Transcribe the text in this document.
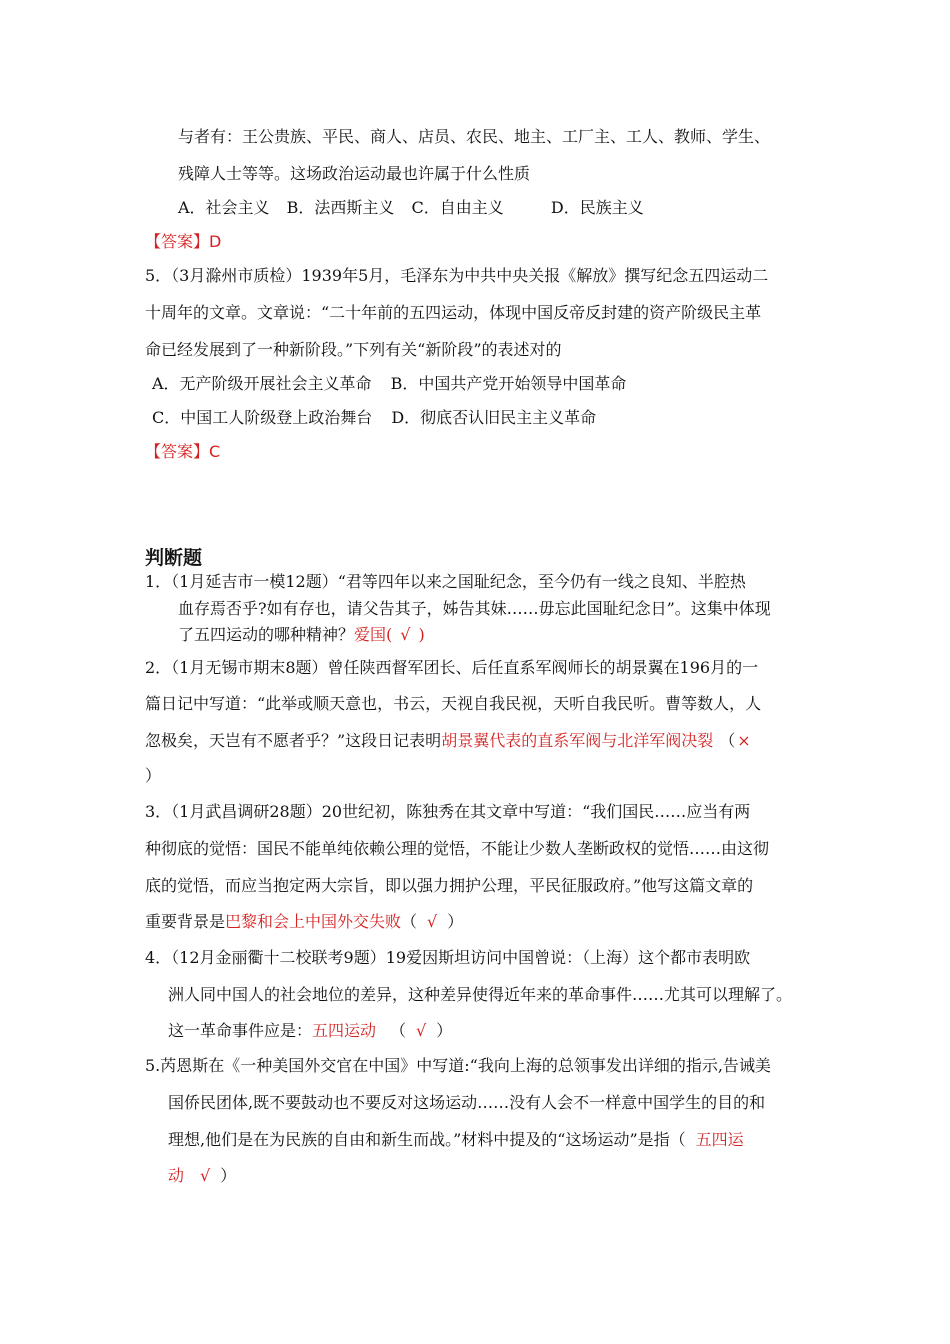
与者有：王公贵族、平民、商人、店员、农民、地主、工厂主、工人、教师、学生、
残障人士等等。这场政治运动最也许属于什么性质
A．社会主义 B．法西斯主义 C．自由主义	D．民族主义
【答案】D
5．（3月滁州市质检）1939年5月，毛泽东为中共中央关报《解放》撰写纪念五四运动二
十周年的文章。文章说：“二十年前的五四运动，体现中国反帝反封建的资产阶级民主革
命已经发展到了一种新阶段。”下列有关“新阶段”的表述对的
A．无产阶级开展社会主义革命 B．中国共产党开始领导中国革命
C．中国工人阶级登上政治舞台 D．彻底否认旧民主主义革命
【答案】C
判断题
1．（1月延吉市一模12题）“君等四年以来之国耻纪念，至今仍有一线之良知、半腔热
血存焉否乎?如有存也，请父告其子，姊告其妹……毋忘此国耻纪念日”。这集中体现
了五四运动的哪种精神？爱国( √ )
2．（1月无锡市期末8题）曾任陕西督军团长、后任直系军阀师长的胡景翼在196月的一
篇日记中写道：“此举或顺天意也，书云，天视自我民视，天听自我民听。曹等数人，人
忽极矣，天岂有不愿者乎？”这段日记表明胡景翼代表的直系军阀与北洋军阀决裂 （ ×
）
3．（1月武昌调研28题）20世纪初，陈独秀在其文章中写道：“我们国民……应当有两
种彻底的觉悟：国民不能单纯依赖公理的觉悟，不能让少数人垄断政权的觉悟……由这彻
底的觉悟，而应当抱定两大宗旨，即以强力拥护公理，平民征服政府。”他写这篇文章的
重要背景是巴黎和会上中国外交失败（ √ ）
4．（12月金丽衢十二校联考9题）19爱因斯坦访问中国曾说：（上海）这个都市表明欧
洲人同中国人的社会地位的差异，这种差异使得近年来的革命事件……尤其可以理解了。
这一革命事件应是：五四运动 （ √ ）
5.芮恩斯在《一种美国外交官在中国》中写道:“我向上海的总领事发出详细的指示,告诫美
国侨民团体,既不要鼓动也不要反对这场运动……没有人会不一样意中国学生的目的和
理想,他们是在为民族的自由和新生而战。”材料中提及的“这场运动”是指（ 五四运
动 √ ）
